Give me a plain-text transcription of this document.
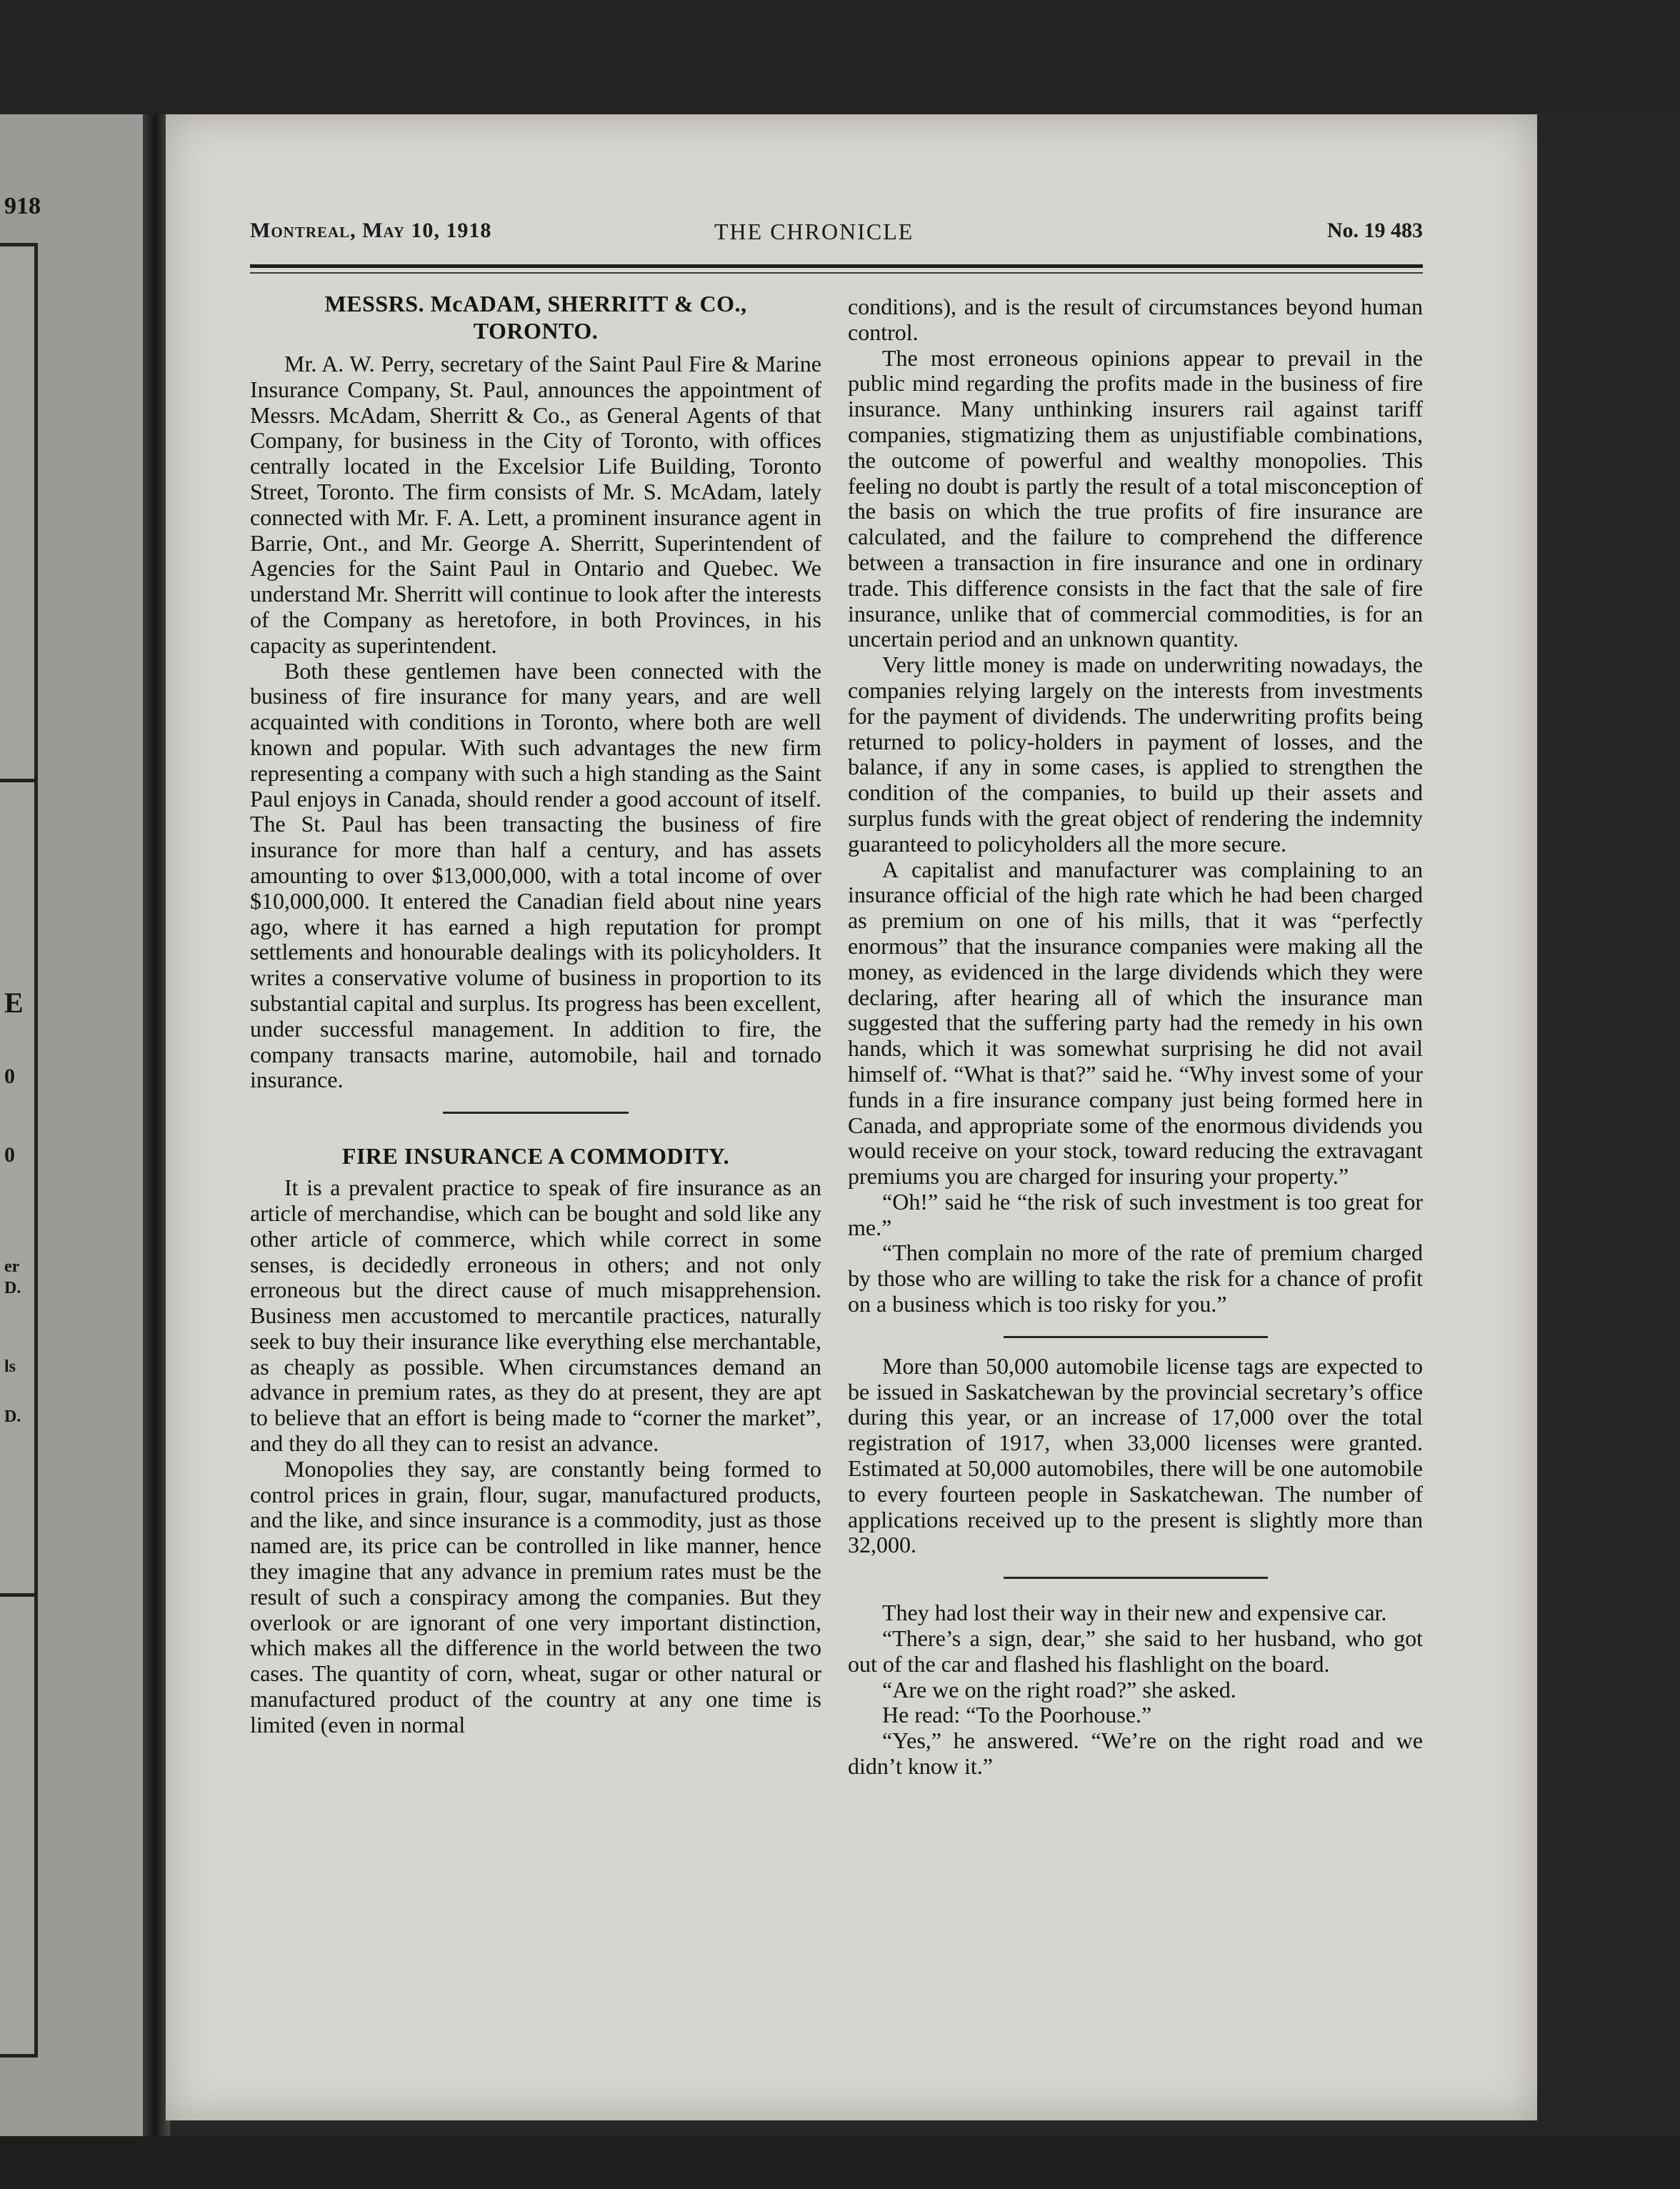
918
E
0
0
er
D.
ls
D.
Montreal, May 10, 1918	THE CHRONICLE	No. 19 483
MESSRS. McADAM, SHERRITT & CO.,
TORONTO.

Mr. A. W. Perry, secretary of the Saint Paul Fire & Marine Insurance Company, St. Paul, announces the appointment of Messrs. McAdam, Sherritt & Co., as General Agents of that Company, for business in the City of Toronto, with offices centrally located in the Excelsior Life Building, Toronto Street, Toronto. The firm consists of Mr. S. McAdam, lately connected with Mr. F. A. Lett, a prominent insurance agent in Barrie, Ont., and Mr. George A. Sherritt, Superintendent of Agencies for the Saint Paul in Ontario and Quebec. We understand Mr. Sherritt will continue to look after the interests of the Company as heretofore, in both Provinces, in his capacity as superintendent.

Both these gentlemen have been connected with the business of fire insurance for many years, and are well acquainted with conditions in Toronto, where both are well known and popular. With such advantages the new firm representing a company with such a high standing as the Saint Paul enjoys in Canada, should render a good account of itself. The St. Paul has been transacting the business of fire insurance for more than half a century, and has assets amounting to over $13,000,000, with a total income of over $10,000,000. It entered the Canadian field about nine years ago, where it has earned a high reputation for prompt settlements and honourable dealings with its policyholders. It writes a conservative volume of business in proportion to its substantial capital and surplus. Its progress has been excellent, under successful management. In addition to fire, the company transacts marine, automobile, hail and tornado insurance.

FIRE INSURANCE A COMMODITY.

It is a prevalent practice to speak of fire insurance as an article of merchandise, which can be bought and sold like any other article of commerce, which while correct in some senses, is decidedly erroneous in others; and not only erroneous but the direct cause of much misapprehension. Business men accustomed to mercantile practices, naturally seek to buy their insurance like everything else merchantable, as cheaply as possible. When circumstances demand an advance in premium rates, as they do at present, they are apt to believe that an effort is being made to “corner the market”, and they do all they can to resist an advance.

Monopolies they say, are constantly being formed to control prices in grain, flour, sugar, manufactured products, and the like, and since insurance is a commodity, just as those named are, its price can be controlled in like manner, hence they imagine that any advance in premium rates must be the result of such a conspiracy among the companies. But they overlook or are ignorant of one very important distinction, which makes all the difference in the world between the two cases. The quantity of corn, wheat, sugar or other natural or manufactured product of the country at any one time is limited (even in normal

conditions), and is the result of circumstances beyond human control.

The most erroneous opinions appear to prevail in the public mind regarding the profits made in the business of fire insurance. Many unthinking insurers rail against tariff companies, stigmatizing them as unjustifiable combinations, the outcome of powerful and wealthy monopolies. This feeling no doubt is partly the result of a total misconception of the basis on which the true profits of fire insurance are calculated, and the failure to comprehend the difference between a transaction in fire insurance and one in ordinary trade. This difference consists in the fact that the sale of fire insurance, unlike that of commercial commodities, is for an uncertain period and an unknown quantity.

Very little money is made on underwriting nowadays, the companies relying largely on the interests from investments for the payment of dividends. The underwriting profits being returned to policy-holders in payment of losses, and the balance, if any in some cases, is applied to strengthen the condition of the companies, to build up their assets and surplus funds with the great object of rendering the indemnity guaranteed to policyholders all the more secure.

A capitalist and manufacturer was complaining to an insurance official of the high rate which he had been charged as premium on one of his mills, that it was “perfectly enormous” that the insurance companies were making all the money, as evidenced in the large dividends which they were declaring, after hearing all of which the insurance man suggested that the suffering party had the remedy in his own hands, which it was somewhat surprising he did not avail himself of. “What is that?” said he. “Why invest some of your funds in a fire insurance company just being formed here in Canada, and appropriate some of the enormous dividends you would receive on your stock, toward reducing the extravagant premiums you are charged for insuring your property.”

“Oh!” said he “the risk of such investment is too great for me.”

“Then complain no more of the rate of premium charged by those who are willing to take the risk for a chance of profit on a business which is too risky for you.”

More than 50,000 automobile license tags are expected to be issued in Saskatchewan by the provincial secretary’s office during this year, or an increase of 17,000 over the total registration of 1917, when 33,000 licenses were granted. Estimated at 50,000 automobiles, there will be one automobile to every fourteen people in Saskatchewan. The number of applications received up to the present is slightly more than 32,000.

They had lost their way in their new and expensive car.

“There’s a sign, dear,” she said to her husband, who got out of the car and flashed his flashlight on the board.

“Are we on the right road?” she asked.

He read: “To the Poorhouse.”

“Yes,” he answered. “We’re on the right road and we didn’t know it.”
